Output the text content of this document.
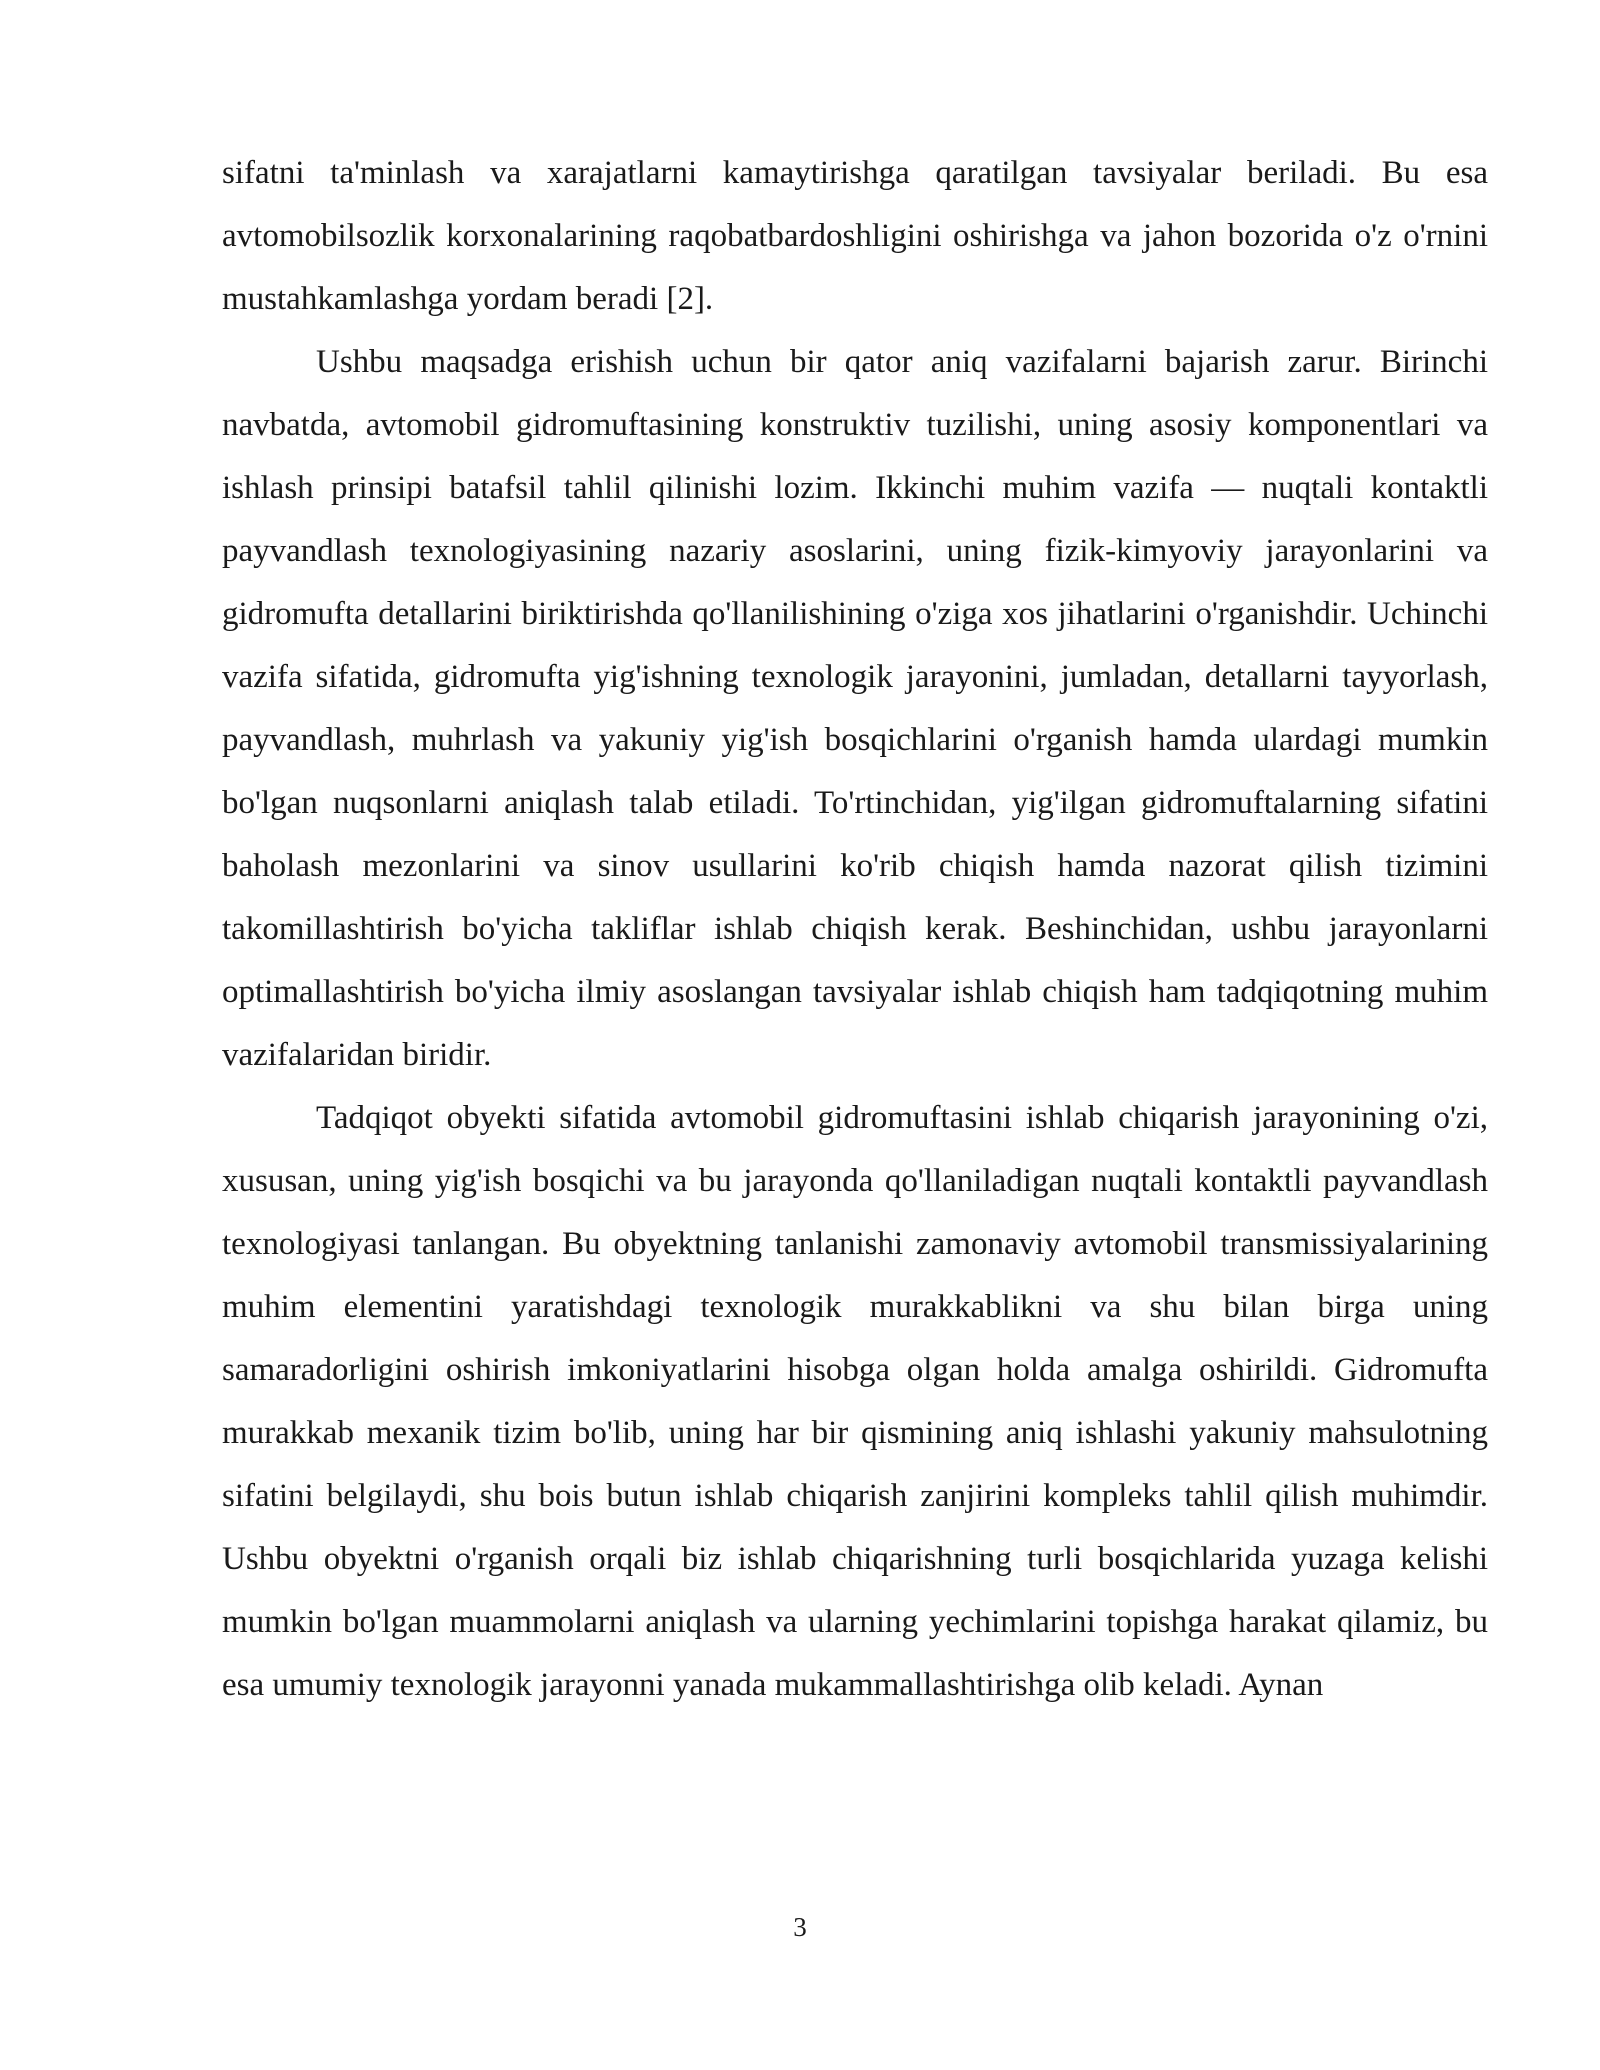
sifatni ta'minlash va xarajatlarni kamaytirishga qaratilgan tavsiyalar beriladi. Bu esa avtomobilsozlik korxonalarining raqobatbardoshligini oshirishga va jahon bozorida o'z o'rnini mustahkamlashga yordam beradi [2].

Ushbu maqsadga erishish uchun bir qator aniq vazifalarni bajarish zarur. Birinchi navbatda, avtomobil gidromuftasining konstruktiv tuzilishi, uning asosiy komponentlari va ishlash prinsipi batafsil tahlil qilinishi lozim. Ikkinchi muhim vazifa — nuqtali kontaktli payvandlash texnologiyasining nazariy asoslarini, uning fizik-kimyoviy jarayonlarini va gidromufta detallarini biriktirishda qo'llanilishining o'ziga xos jihatlarini o'rganishdir. Uchinchi vazifa sifatida, gidromufta yig'ishning texnologik jarayonini, jumladan, detallarni tayyorlash, payvandlash, muhrlash va yakuniy yig'ish bosqichlarini o'rganish hamda ulardagi mumkin bo'lgan nuqsonlarni aniqlash talab etiladi. To'rtinchidan, yig'ilgan gidromuftalarning sifatini baholash mezonlarini va sinov usullarini ko'rib chiqish hamda nazorat qilish tizimini takomillashtirish bo'yicha takliflar ishlab chiqish kerak. Beshinchidan, ushbu jarayonlarni optimallashtirish bo'yicha ilmiy asoslangan tavsiyalar ishlab chiqish ham tadqiqotning muhim vazifalaridan biridir.

Tadqiqot obyekti sifatida avtomobil gidromuftasini ishlab chiqarish jarayonining o'zi, xususan, uning yig'ish bosqichi va bu jarayonda qo'llaniladigan nuqtali kontaktli payvandlash texnologiyasi tanlangan. Bu obyektning tanlanishi zamonaviy avtomobil transmissiyalarining muhim elementini yaratishdagi texnologik murakkablikni va shu bilan birga uning samaradorligini oshirish imkoniyatlarini hisobga olgan holda amalga oshirildi. Gidromufta murakkab mexanik tizim bo'lib, uning har bir qismining aniq ishlashi yakuniy mahsulotning sifatini belgilaydi, shu bois butun ishlab chiqarish zanjirini kompleks tahlil qilish muhimdir. Ushbu obyektni o'rganish orqali biz ishlab chiqarishning turli bosqichlarida yuzaga kelishi mumkin bo'lgan muammolarni aniqlash va ularning yechimlarini topishga harakat qilamiz, bu esa umumiy texnologik jarayonni yanada mukammallashtirishga olib keladi. Aynan

3
